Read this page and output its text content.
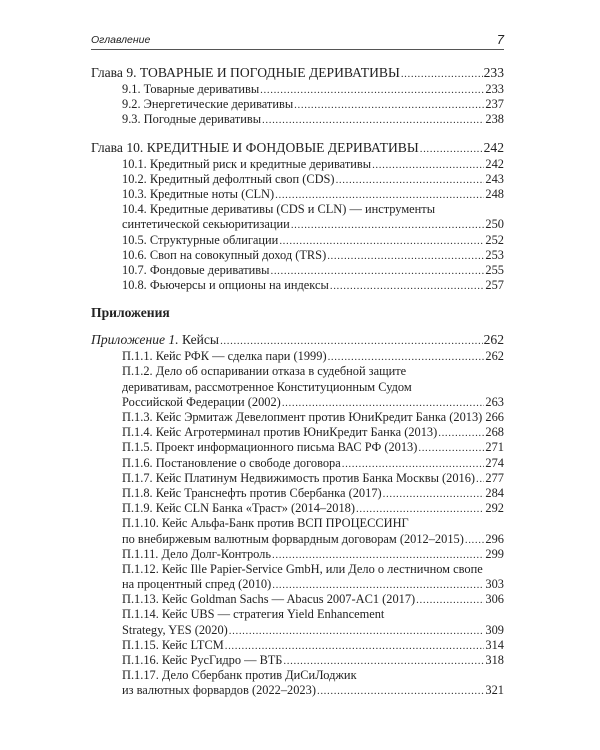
Оглавление	7
Глава 9. ТОВАРНЫЕ И ПОГОДНЫЕ ДЕРИВАТИВЫ .....	233
9.1. Товарные деривативы .....	233
9.2. Энергетические деривативы .....	237
9.3. Погодные деривативы .....	238
Глава 10. КРЕДИТНЫЕ И ФОНДОВЫЕ ДЕРИВАТИВЫ .....	242
10.1. Кредитный риск и кредитные деривативы .....	242
10.2. Кредитный дефолтный своп (CDS) .....	243
10.3. Кредитные ноты (CLN) .....	248
10.4. Кредитные деривативы (CDS и CLN) — инструменты
синтетической секьюритизации .....	250
10.5. Структурные облигации .....	252
10.6. Своп на совокупный доход (TRS) .....	253
10.7. Фондовые деривативы .....	255
10.8. Фьючерсы и опционы на индексы .....	257
Приложения
Приложение 1. Кейсы .....	262
П.1.1. Кейс РФК — сделка пари (1999) .....	262
П.1.2. Дело об оспаривании отказа в судебной защите
деривативам, рассмотренное Конституционным Судом
Российской Федерации (2002) .....	263
П.1.3. Кейс Эрмитаж Девелопмент против ЮниКредит Банка (2013) ..... 266
П.1.4. Кейс Агротерминал против ЮниКредит Банка (2013) .....	268
П.1.5. Проект информационного письма ВАС РФ (2013) .....	271
П.1.6. Постановление о свободе договора .....	274
П.1.7. Кейс Платинум Недвижимость против Банка Москвы (2016) ..... 277
П.1.8. Кейс Транснефть против Сбербанка (2017) .....	284
П.1.9. Кейс CLN Банка «Траст» (2014–2018) .....	292
П.1.10. Кейс Альфа-Банк против ВСП ПРОЦЕССИНГ
по внебиржевым валютным форвардным договорам (2012–2015) ..... 296
П.1.11. Дело Долг-Контроль .....	299
П.1.12. Кейс Ille Papier-Service GmbH, или Дело о лестничном свопе
на процентный спред (2010) .....	303
П.1.13. Кейс Goldman Sachs — Abacus 2007-AC1 (2017) .....	306
П.1.14. Кейс UBS — стратегия Yield Enhancement
Strategy, YES (2020) .....	309
П.1.15. Кейс LTCM .....	314
П.1.16. Кейс РусГидро — ВТБ .....	318
П.1.17. Дело Сбербанк против ДиСиЛоджик
из валютных форвардов (2022–2023) .....	321
